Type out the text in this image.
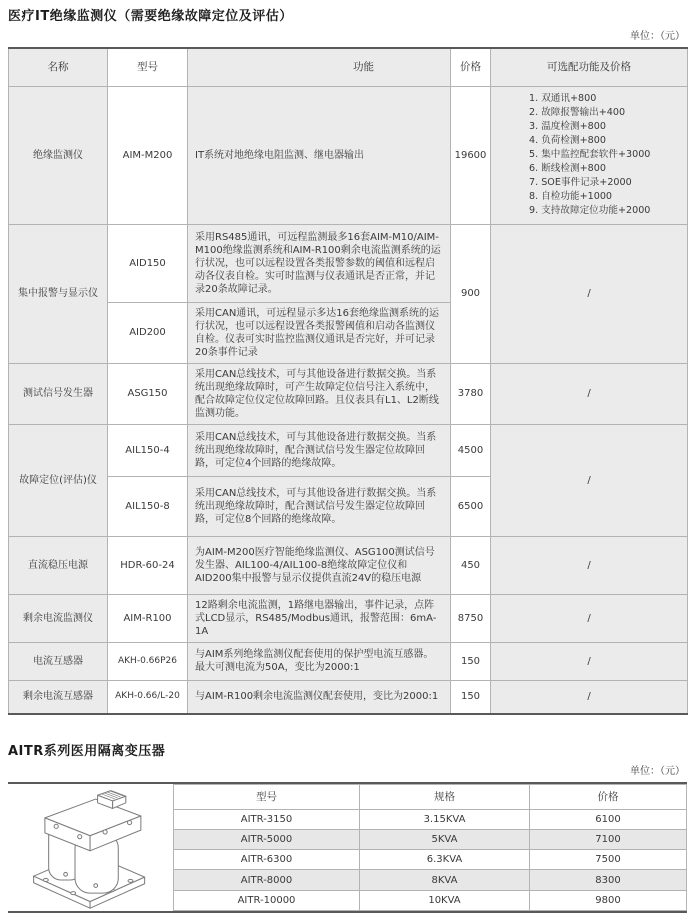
医疗IT绝缘监测仪（需要绝缘故障定位及评估）
单位：（元）
名称	型号	功能	价格	可选配功能及价格
绝缘监测仪	AIM-M200	IT系统对地绝缘电阻监测、继电器输出	19600	
1. 双通讯+800
2. 故障报警输出+400
3. 温度检测+800
4. 负荷检测+800
5. 集中监控配套软件+3000
6. 断线检测+800
7. SOE事件记录+2000
8. 自检功能+1000
9. 支持故障定位功能+2000

集中报警与显示仪	AID150	采用RS485通讯，可远程监测最多16套AIM-M10/AIM-M100绝缘监测系统和AIM-R100剩余电流监测系统的运行状况，也可以远程设置各类报警参数的阈值和远程启动各仪表自检。实可时监测与仪表通讯是否正常，并记录20条故障记录。	900	/
	AID200	采用CAN通讯，可远程显示多达16套绝缘监测系统的运行状况，也可以远程设置各类报警阈值和启动各监测仪自检。仪表可实时监控监测仪通讯是否完好，并可记录20条事件记录		
测试信号发生器	ASG150	采用CAN总线技术，可与其他设备进行数据交换。当系统出现绝缘故障时，可产生故障定位信号注入系统中，配合故障定位仪定位故障回路。且仪表具有L1、L2断线监测功能。	3780	/
故障定位(评估)仪	AIL150-4	采用CAN总线技术，可与其他设备进行数据交换。当系统出现绝缘故障时，配合测试信号发生器定位故障回路，可定位4个回路的绝缘故障。	4500	/
	AIL150-8	采用CAN总线技术，可与其他设备进行数据交换。当系统出现绝缘故障时，配合测试信号发生器定位故障回路，可定位8个回路的绝缘故障。	6500	
直流稳压电源	HDR-60-24	为AIM-M200医疗智能绝缘监测仪、ASG100测试信号发生器、AIL100-4/AIL100-8绝缘故障定位仪和AID200集中报警与显示仪提供直流24V的稳压电源	450	/
剩余电流监测仪	AIM-R100	12路剩余电流监测，1路继电器输出，事件记录，点阵式LCD显示，RS485/Modbus通讯，报警范围：6mA-1A	8750	/
电流互感器	AKH-0.66P26	与AIM系列绝缘监测仪配套使用的保护型电流互感器。最大可测电流为50A，变比为2000:1	150	/
剩余电流互感器	AKH-0.66/L-20	与AIM-R100剩余电流监测仪配套使用，变比为2000:1	150	/
AITR系列医用隔离变压器
单位：（元）
型号	规格	价格
AITR-3150	3.15KVA	6100
AITR-5000	5KVA	7100
AITR-6300	6.3KVA	7500
AITR-8000	8KVA	8300
AITR-10000	10KVA	9800
